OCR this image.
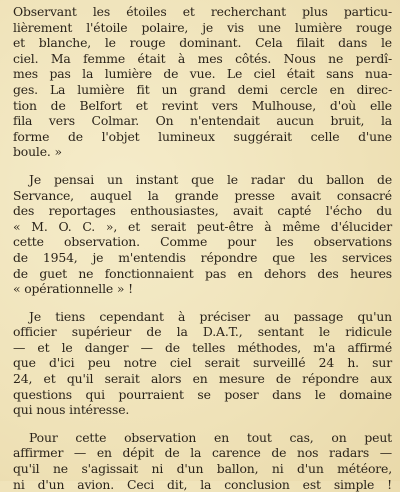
Observant les étoiles et recherchant plus particu-
lièrement l'étoile polaire, je vis une lumière rouge
et blanche, le rouge dominant. Cela filait dans le
ciel. Ma femme était à mes côtés. Nous ne perdî-
mes pas la lumière de vue. Le ciel était sans nua-
ges. La lumière fit un grand demi cercle en direc-
tion de Belfort et revint vers Mulhouse, d'où elle
fila vers Colmar. On n'entendait aucun bruit, la
forme de l'objet lumineux suggérait celle d'une
boule. »
Je pensai un instant que le radar du ballon de
Servance, auquel la grande presse avait consacré
des reportages enthousiastes, avait capté l'écho du
« M. O. C. », et serait peut-être à même d'élucider
cette observation. Comme pour les observations
de 1954, je m'entendis répondre que les services
de guet ne fonctionnaient pas en dehors des heures
« opérationnelle » !
Je tiens cependant à préciser au passage qu'un
officier supérieur de la D.A.T., sentant le ridicule
— et le danger — de telles méthodes, m'a affirmé
que d'ici peu notre ciel serait surveillé 24 h. sur
24, et qu'il serait alors en mesure de répondre aux
questions qui pourraient se poser dans le domaine
qui nous intéresse.
Pour cette observation en tout cas, on peut
affirmer — en dépit de la carence de nos radars —
qu'il ne s'agissait ni d'un ballon, ni d'un météore,
ni d'un avion. Ceci dit, la conclusion est simple !
